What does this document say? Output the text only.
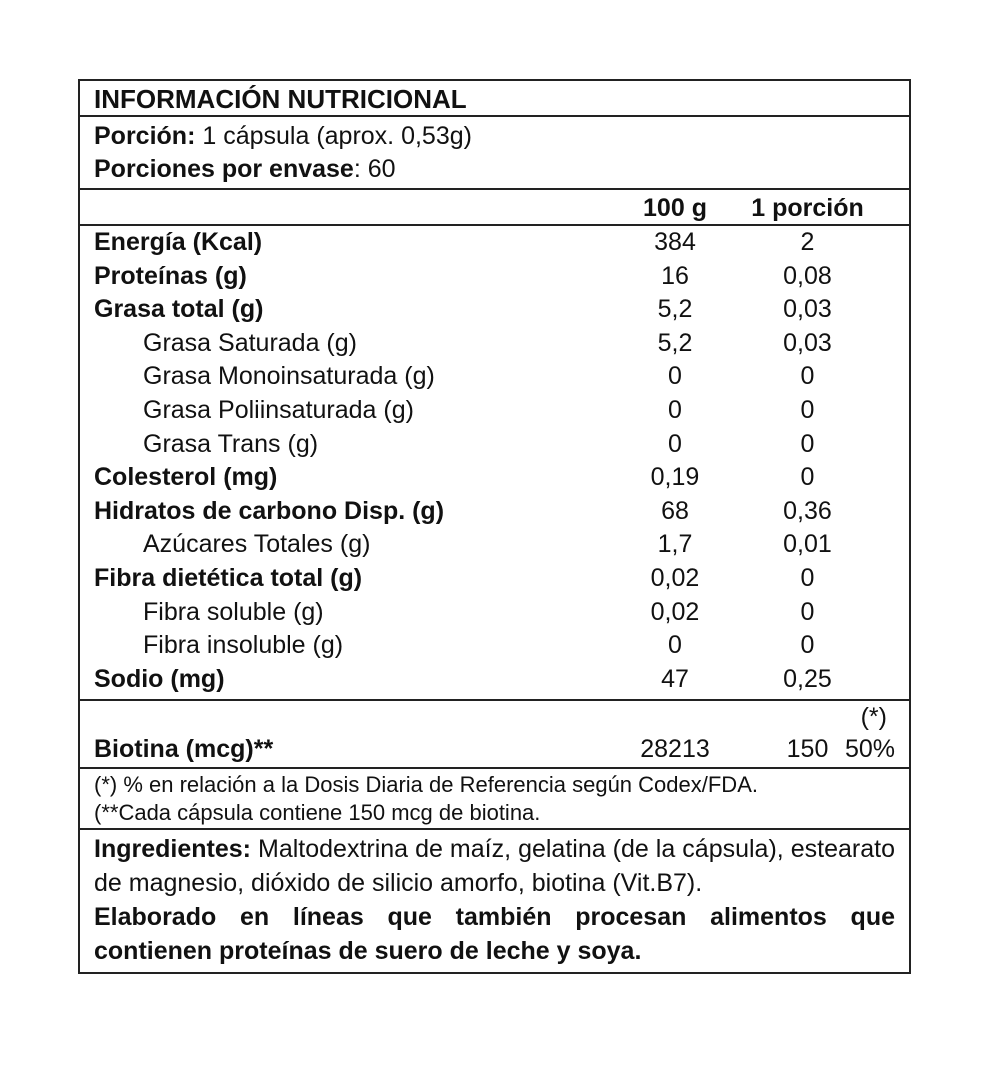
INFORMACIÓN NUTRICIONAL
Porción: 1 cápsula (aprox. 0,53g)
Porciones por envase: 60
100 g	1 porción
Energía (Kcal)	384	2
Proteínas (g)	16	0,08
Grasa total (g)	5,2	0,03
Grasa Saturada (g)	5,2	0,03
Grasa Monoinsaturada (g)	0	0
Grasa Poliinsaturada (g)	0	0
Grasa Trans (g)	0	0
Colesterol (mg)	0,19	0
Hidratos de carbono Disp. (g)	68	0,36
Azúcares Totales (g)	1,7	0,01
Fibra dietética total (g)	0,02	0
Fibra soluble (g)	0,02	0
Fibra insoluble (g)	0	0
Sodio (mg)	47	0,25
(*)
Biotina (mcg)**	28213	150 50%
(*) % en relación a la Dosis Diaria de Referencia según Codex/FDA.
(**Cada cápsula contiene 150 mcg de biotina.

Ingredientes: Maltodextrina de maíz, gelatina (de la cápsula), estearato de magnesio, dióxido de silicio amorfo, biotina (Vit.B7).

Elaborado en líneas que también procesan alimentos que contienen proteínas de suero de leche y soya.
